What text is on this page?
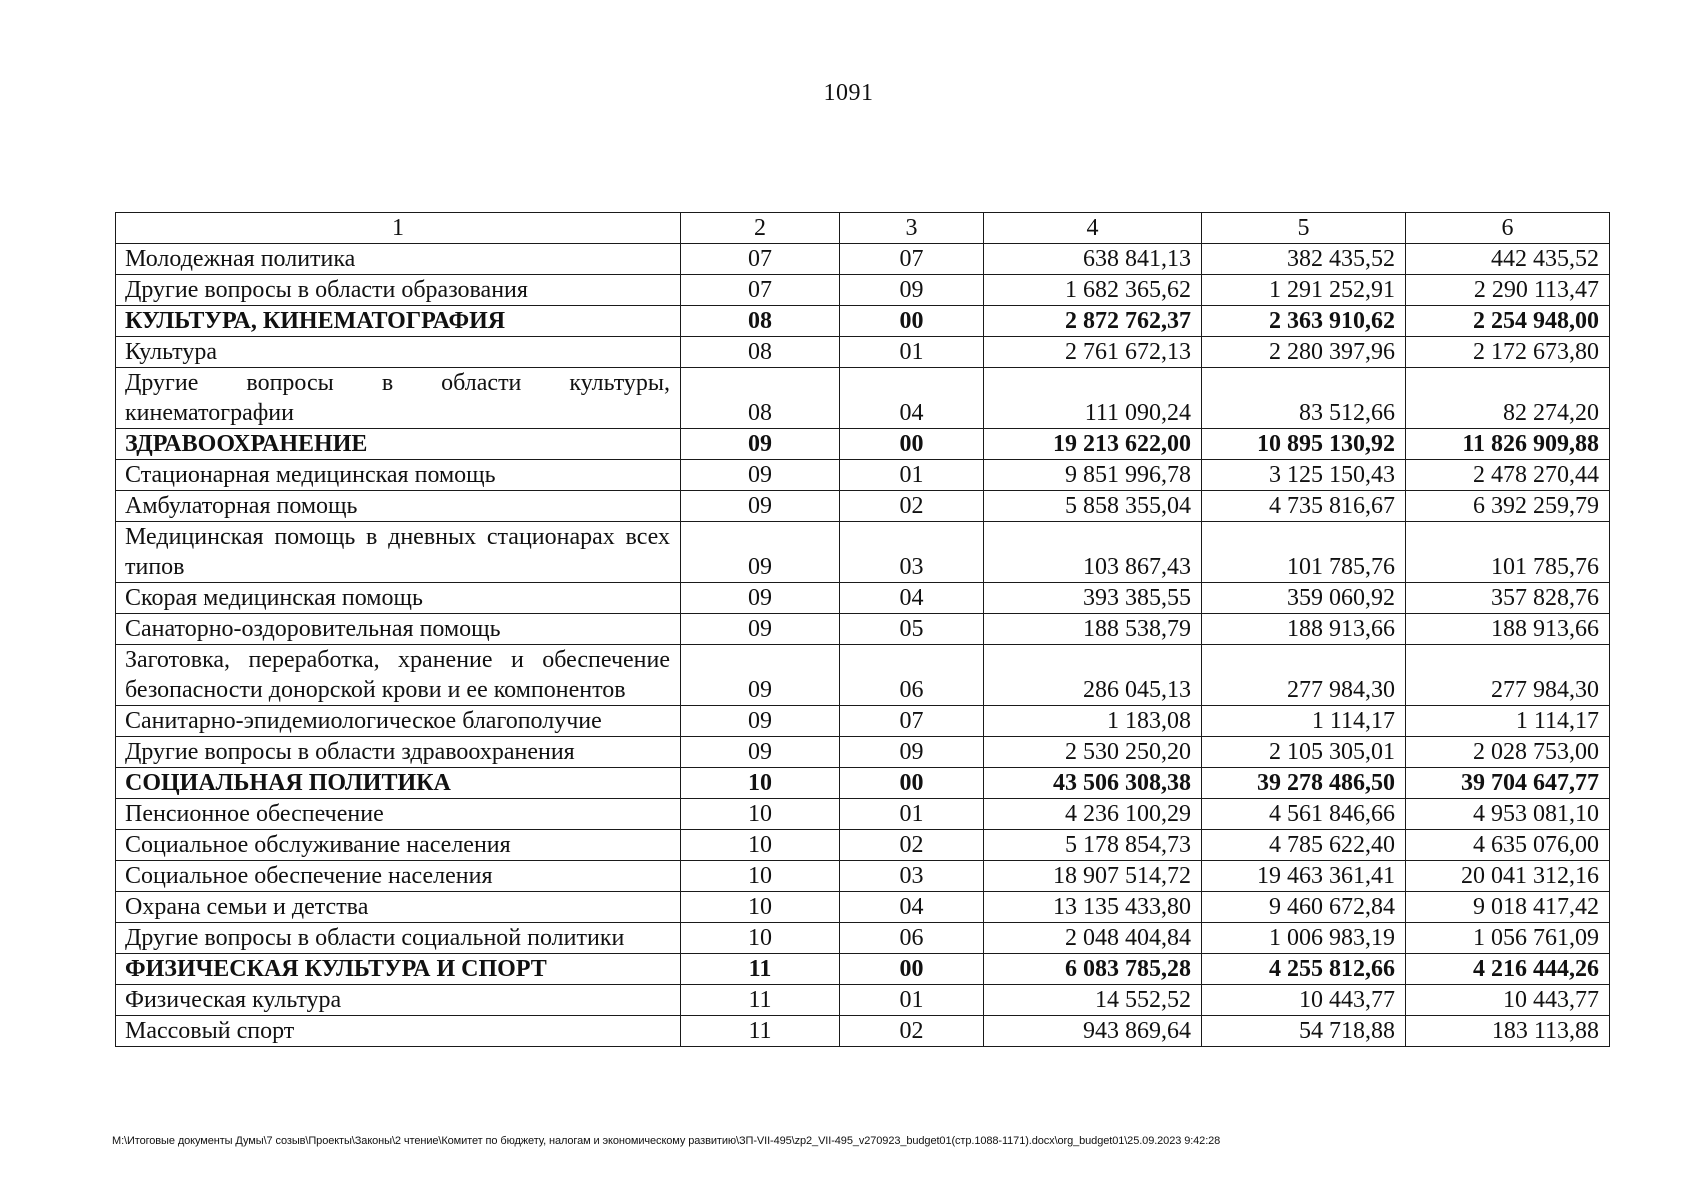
1091
1	2	3	4	5	6
Молодежная политика	07	07	638 841,13	382 435,52	442 435,52
Другие вопросы в области образования	07	09	1 682 365,62	1 291 252,91	2 290 113,47
КУЛЬТУРА, КИНЕМАТОГРАФИЯ	08	00	2 872 762,37	2 363 910,62	2 254 948,00
Культура	08	01	2 761 672,13	2 280 397,96	2 172 673,80
Другие вопросы в области культуры, кинематографии	08	04	111 090,24	83 512,66	82 274,20
ЗДРАВООХРАНЕНИЕ	09	00	19 213 622,00	10 895 130,92	11 826 909,88
Стационарная медицинская помощь	09	01	9 851 996,78	3 125 150,43	2 478 270,44
Амбулаторная помощь	09	02	5 858 355,04	4 735 816,67	6 392 259,79
Медицинская помощь в дневных стационарах всех типов	09	03	103 867,43	101 785,76	101 785,76
Скорая медицинская помощь	09	04	393 385,55	359 060,92	357 828,76
Санаторно-оздоровительная помощь	09	05	188 538,79	188 913,66	188 913,66
Заготовка, переработка, хранение и обеспечение безопасности донорской крови и ее компонентов	09	06	286 045,13	277 984,30	277 984,30
Санитарно-эпидемиологическое благополучие	09	07	1 183,08	1 114,17	1 114,17
Другие вопросы в области здравоохранения	09	09	2 530 250,20	2 105 305,01	2 028 753,00
СОЦИАЛЬНАЯ ПОЛИТИКА	10	00	43 506 308,38	39 278 486,50	39 704 647,77
Пенсионное обеспечение	10	01	4 236 100,29	4 561 846,66	4 953 081,10
Социальное обслуживание населения	10	02	5 178 854,73	4 785 622,40	4 635 076,00
Социальное обеспечение населения	10	03	18 907 514,72	19 463 361,41	20 041 312,16
Охрана семьи и детства	10	04	13 135 433,80	9 460 672,84	9 018 417,42
Другие вопросы в области социальной политики	10	06	2 048 404,84	1 006 983,19	1 056 761,09
ФИЗИЧЕСКАЯ КУЛЬТУРА И СПОРТ	11	00	6 083 785,28	4 255 812,66	4 216 444,26
Физическая культура	11	01	14 552,52	10 443,77	10 443,77
Массовый спорт	11	02	943 869,64	54 718,88	183 113,88
M:\Итоговые документы Думы\7 созыв\Проекты\Законы\2 чтение\Комитет по бюджету, налогам и экономическому развитию\ЗП-VII-495\zp2_VII-495_v270923_budget01(стр.1088-1171).docx\org_budget01\25.09.2023 9:42:28
